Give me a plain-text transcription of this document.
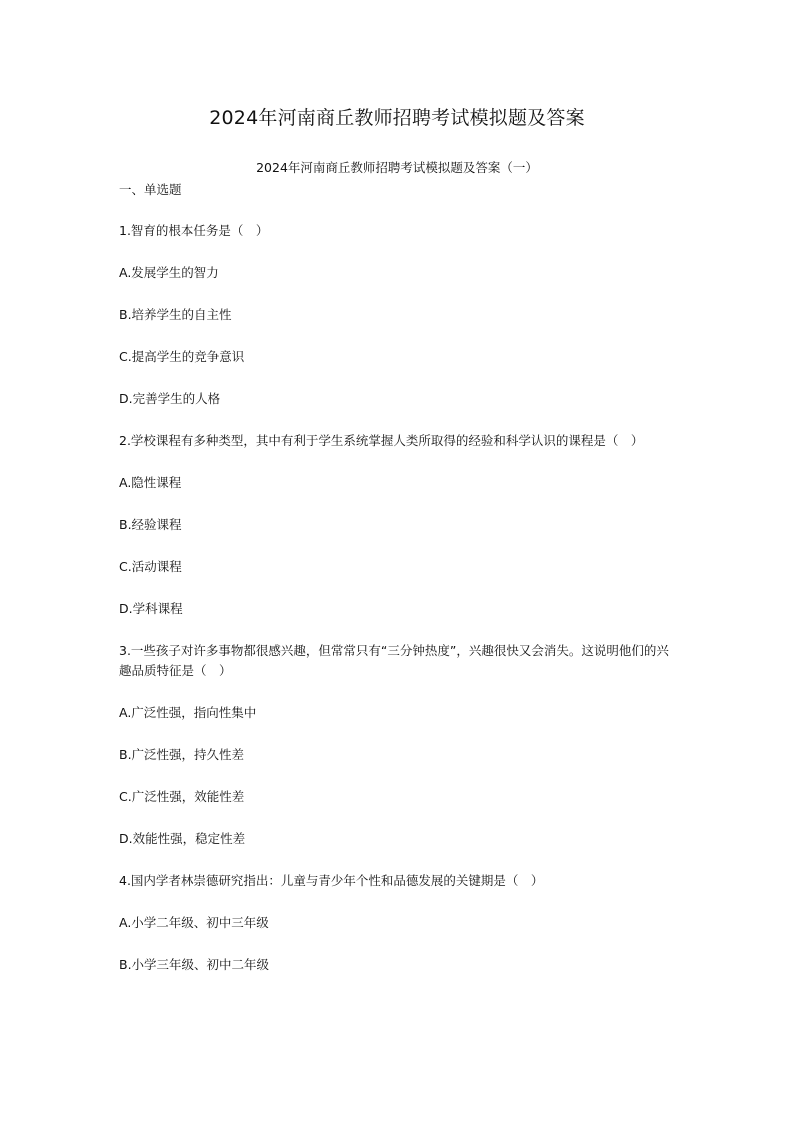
2024年河南商丘教师招聘考试模拟题及答案
2024年河南商丘教师招聘考试模拟题及答案（一）
一、单选题
1.智育的根本任务是（　）
A.发展学生的智力
B.培养学生的自主性
C.提高学生的竞争意识
D.完善学生的人格
2.学校课程有多种类型，其中有利于学生系统掌握人类所取得的经验和科学认识的课程是（　）
A.隐性课程
B.经验课程
C.活动课程
D.学科课程
3.一些孩子对许多事物都很感兴趣，但常常只有“三分钟热度”，兴趣很快又会消失。这说明他们的兴趣品质特征是（　）
A.广泛性强，指向性集中
B.广泛性强，持久性差
C.广泛性强，效能性差
D.效能性强，稳定性差
4.国内学者林崇德研究指出：儿童与青少年个性和品德发展的关键期是（　）
A.小学二年级、初中三年级
B.小学三年级、初中二年级
